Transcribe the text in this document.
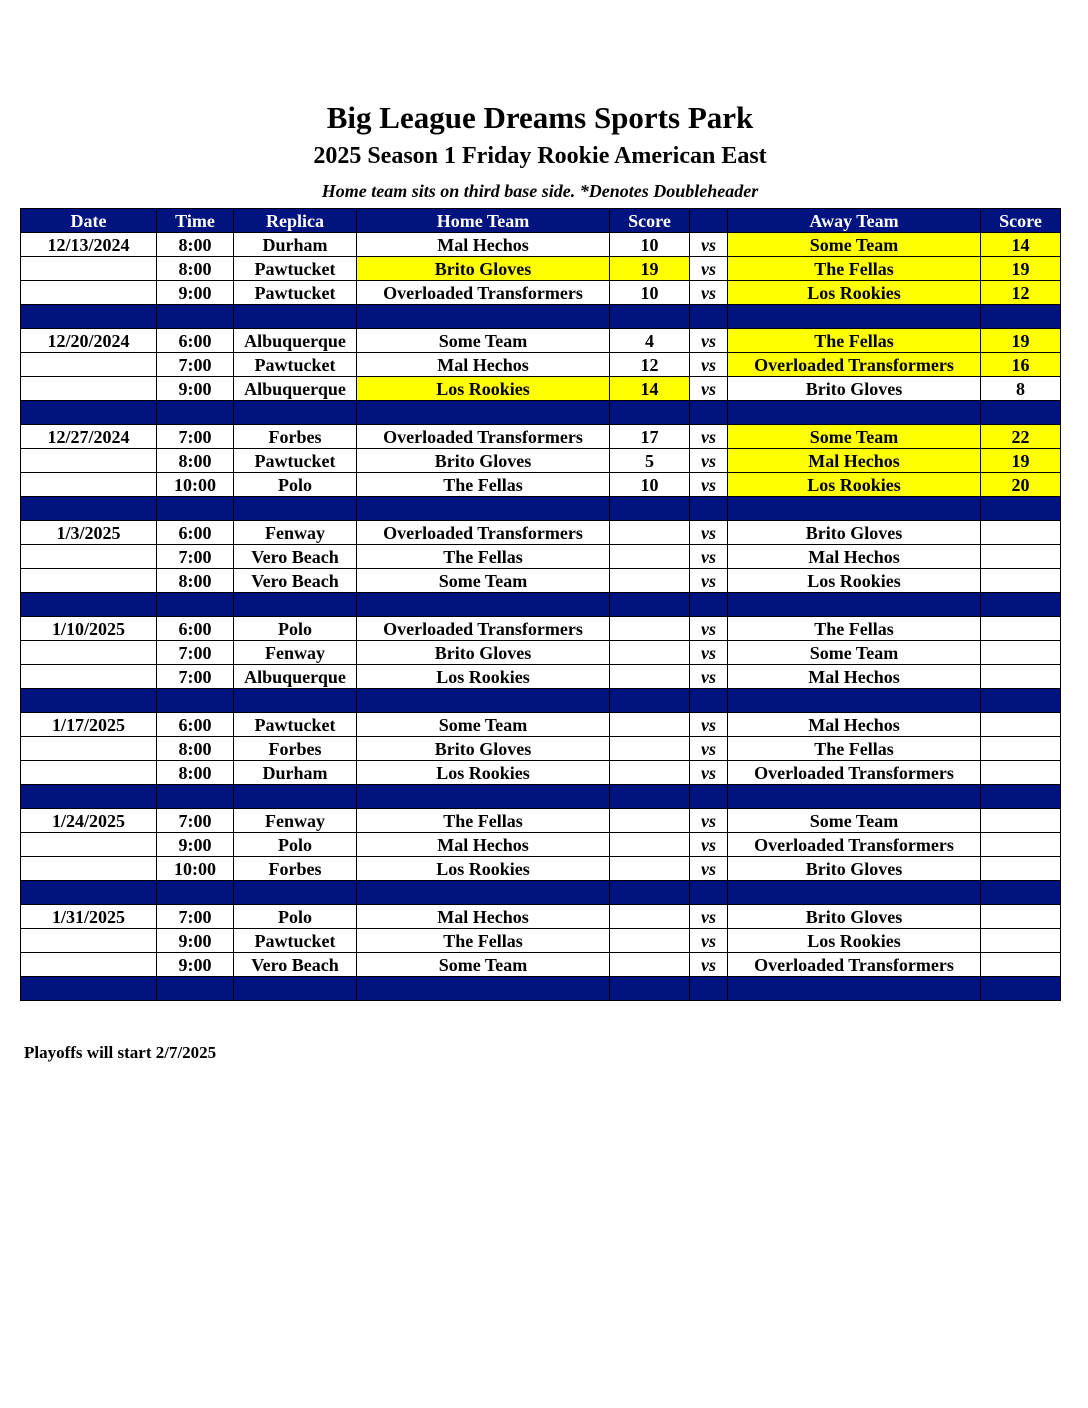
Big League Dreams Sports Park
2025 Season 1 Friday Rookie American East
Home team sits on third base side. *Denotes Doubleheader
Date	Time	Replica	Home Team	Score		Away Team	Score
12/13/2024	8:00	Durham	Mal Hechos	10	vs	Some Team	14
	8:00	Pawtucket	Brito Gloves	19	vs	The Fellas	19
	9:00	Pawtucket	Overloaded Transformers	10	vs	Los Rookies	12

12/20/2024	6:00	Albuquerque	Some Team	4	vs	The Fellas	19
	7:00	Pawtucket	Mal Hechos	12	vs	Overloaded Transformers	16
	9:00	Albuquerque	Los Rookies	14	vs	Brito Gloves	8

12/27/2024	7:00	Forbes	Overloaded Transformers	17	vs	Some Team	22
	8:00	Pawtucket	Brito Gloves	5	vs	Mal Hechos	19
	10:00	Polo	The Fellas	10	vs	Los Rookies	20

1/3/2025	6:00	Fenway	Overloaded Transformers		vs	Brito Gloves	
	7:00	Vero Beach	The Fellas		vs	Mal Hechos	
	8:00	Vero Beach	Some Team		vs	Los Rookies	

1/10/2025	6:00	Polo	Overloaded Transformers		vs	The Fellas	
	7:00	Fenway	Brito Gloves		vs	Some Team	
	7:00	Albuquerque	Los Rookies		vs	Mal Hechos	

1/17/2025	6:00	Pawtucket	Some Team		vs	Mal Hechos	
	8:00	Forbes	Brito Gloves		vs	The Fellas	
	8:00	Durham	Los Rookies		vs	Overloaded Transformers	

1/24/2025	7:00	Fenway	The Fellas		vs	Some Team	
	9:00	Polo	Mal Hechos		vs	Overloaded Transformers	
	10:00	Forbes	Los Rookies		vs	Brito Gloves	

1/31/2025	7:00	Polo	Mal Hechos		vs	Brito Gloves	
	9:00	Pawtucket	The Fellas		vs	Los Rookies	
	9:00	Vero Beach	Some Team		vs	Overloaded Transformers	

Playoffs will start 2/7/2025
